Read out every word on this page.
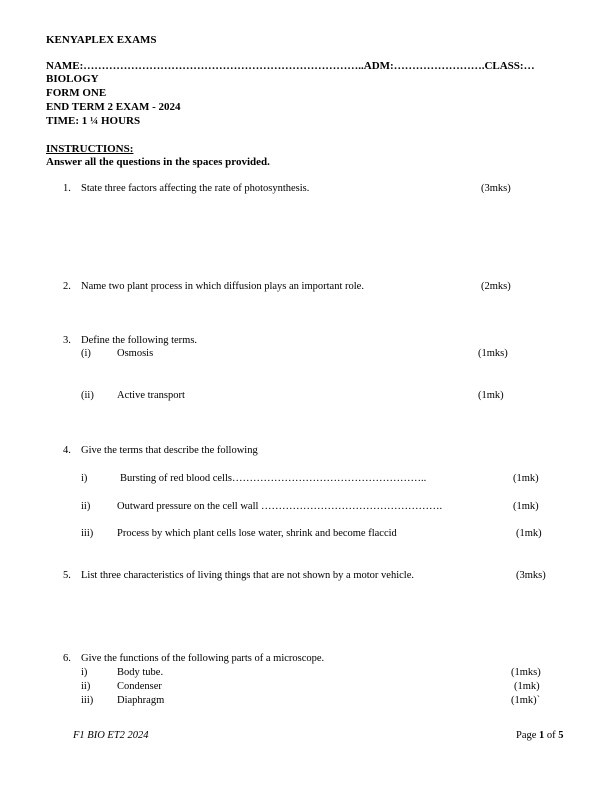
KENYAPLEX EXAMS
NAME:…………………………………………………………………..ADM:…………………….CLASS:…
BIOLOGY
FORM ONE
END TERM 2 EXAM - 2024
TIME: 1 ¼ HOURS
INSTRUCTIONS:
Answer all the questions in the spaces provided.
1. State three factors affecting the rate of photosynthesis.	(3mks)
2. Name two plant process in which diffusion plays an important role.	(2mks)
3. Define the following terms.
(i) Osmosis	(1mks)
(ii) Active transport	(1mk)
4. Give the terms that describe the following
i)	Bursting of red blood cells………………………………………………..	(1mk)
ii)	Outward pressure on the cell wall …………………………………………….	(1mk)
iii) Process by which plant cells lose water, shrink and become flaccid	(1mk)
5. List three characteristics of living things that are not shown by a motor vehicle.	(3mks)
6. Give the functions of the following parts of a microscope.
i)	Body tube.	(1mks)
ii)	Condenser	(1mk)
iii) Diaphragm	(1mk)`
F1 BIO ET2 2024	Page 1 of 5
